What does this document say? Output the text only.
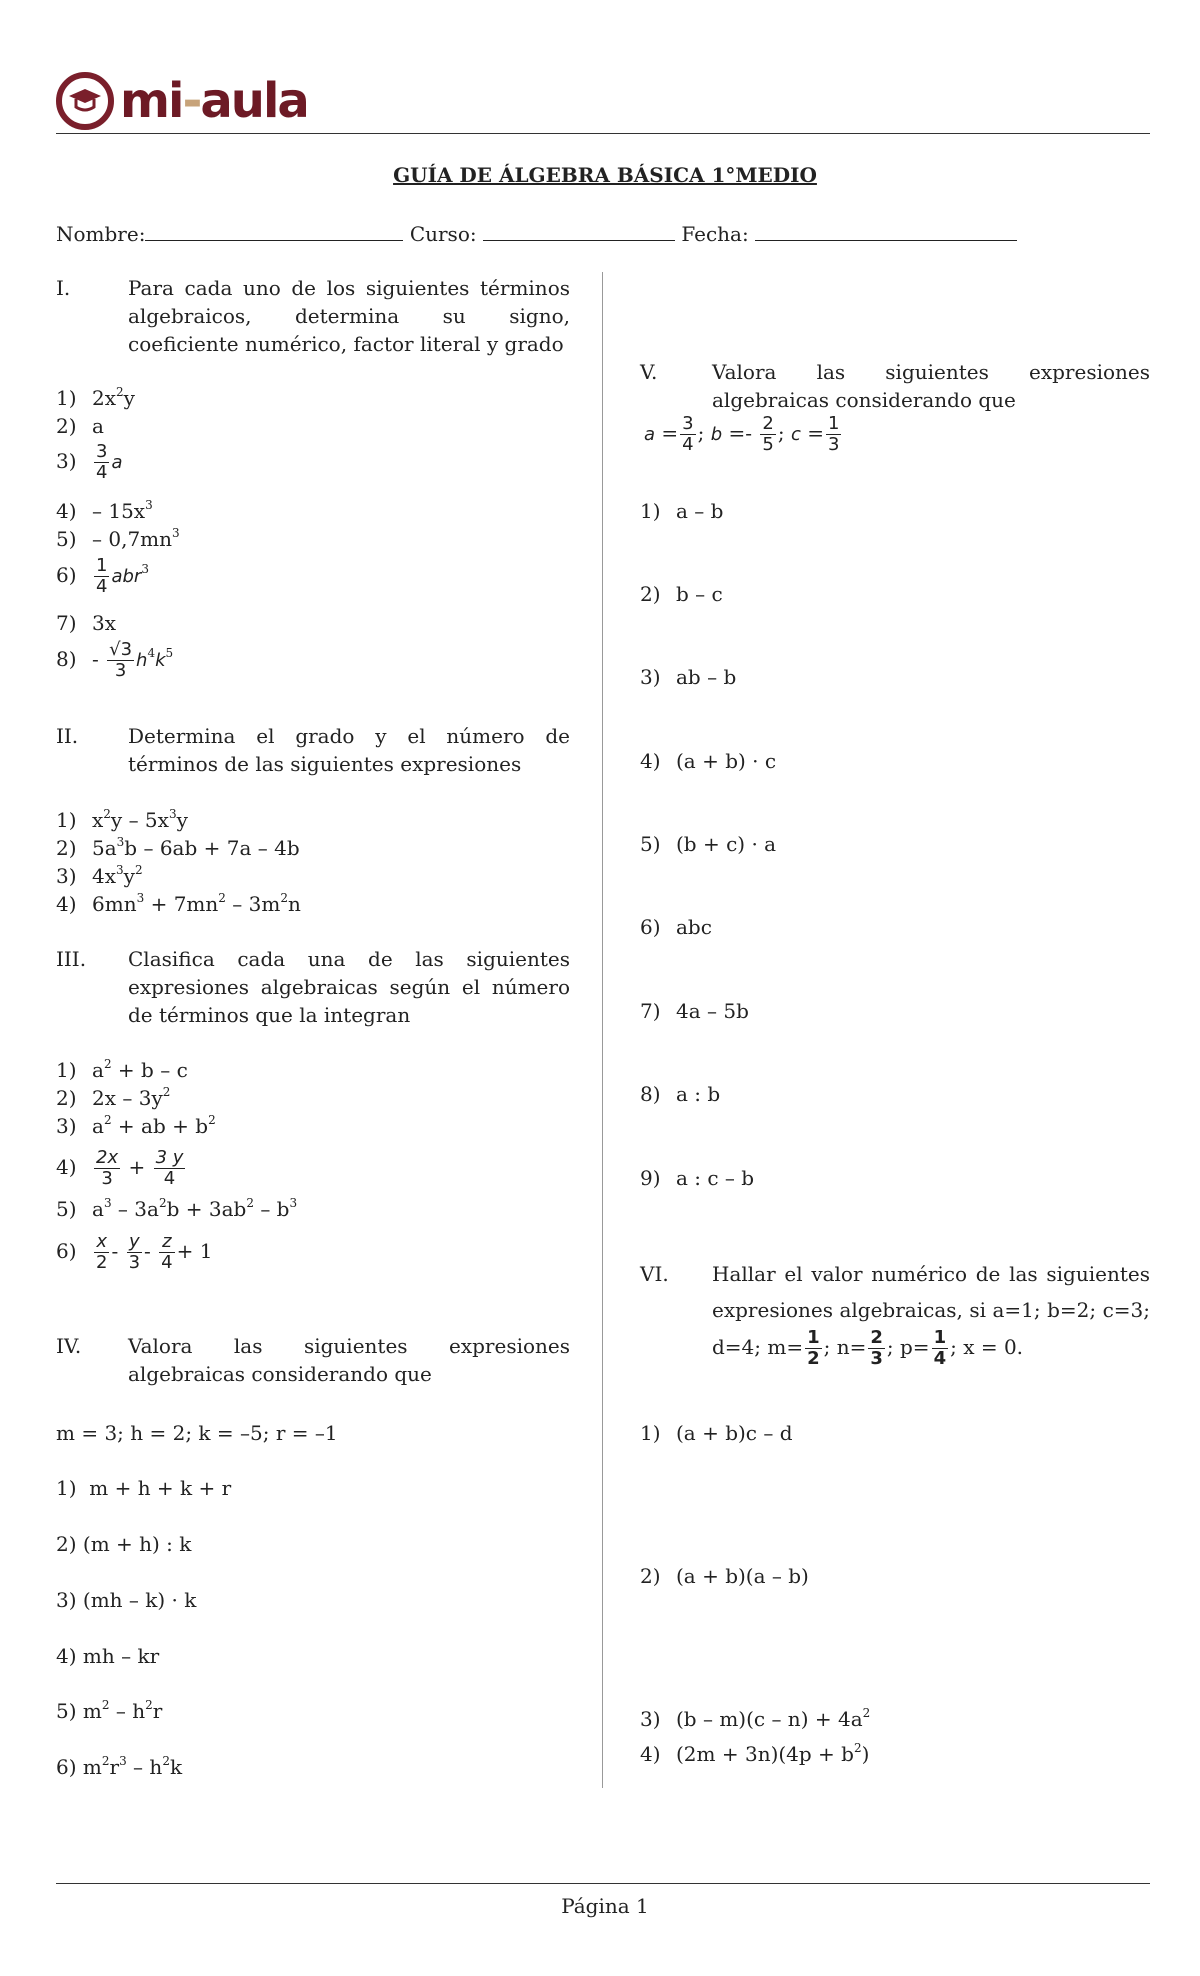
mi-aula
GUÍA DE ÁLGEBRA BÁSICA 1°MEDIO
Nombre:	Curso:	Fecha:
I.	Para cada uno de los siguientes términos algebraicos, determina su signo, coeficiente numérico, factor literal y grado
1) $2x^2y$
2) a
$3) \frac{3}{4}$ a
$4) - 15x^3$
$5) - 0,7mn^3$
$6) \frac{1}{4} abr^3$
7) 3x
$8) - \frac{√3}{3} h^4k^5$
II. Determina el grado y el número de términos de las siguientes expresiones
1) $x^2y - 5x^3y$
2) $5a^3b - 6ab + 7a - 4b$
3) $4x^3y^2$
4) $6mn^3 + 7mn^2 - 3m^2n$
III. Clasifica cada una de las siguientes expresiones algebraicas según el número de términos que la integran
1) $a^2 + b - c$
2) $2x - 3y^2$
3) $a^2$ + ab + $b^2$
$4) \frac{2x}{3} + \frac{3 y}{4}$
5) $a^3 - 3a^2b + 3ab^2 - b^3$
$6) \frac{x}{2} - \frac{y}{3} - \frac{z}{4} + 1$
IV. Valora las siguientes expresiones algebraicas considerando que
m = 3; h = 2; k = –5; r = –1
1) m + h + k + r
2) (m + h) : k
3) (mh – k) · k
4) mh – kr
5) $m^2 - h^2r$
6) $m^2r^3 - h^2k$
V.	Valora las siguientes expresiones algebraicas considerando que
$a = \frac{3}{4}$ ; $b =- \frac{2}{5}$ ; $c = \frac{1}{3}$
1) a – b
2) b – c
3) ab – b
4) (a + b) · c
5) (b + c) · a
6) abc
7) 4a – 5b
8) a : b
9) a : c – b
VI. Hallar el valor numérico de las siguientes expresiones algebraicas, si a=1; b=2; c=3; d=4; $m= \frac{1}{2}$ ; $n= \frac{2}{3}$ ; $p= \frac{1}{4}$ ; x = 0.
1) (a + b)c – d
2) (a + b)(a – b)
3) $(b - m)(c - n) + 4a^2$
4) $(2m + 3n)(4p + b^2)$
Página 1
